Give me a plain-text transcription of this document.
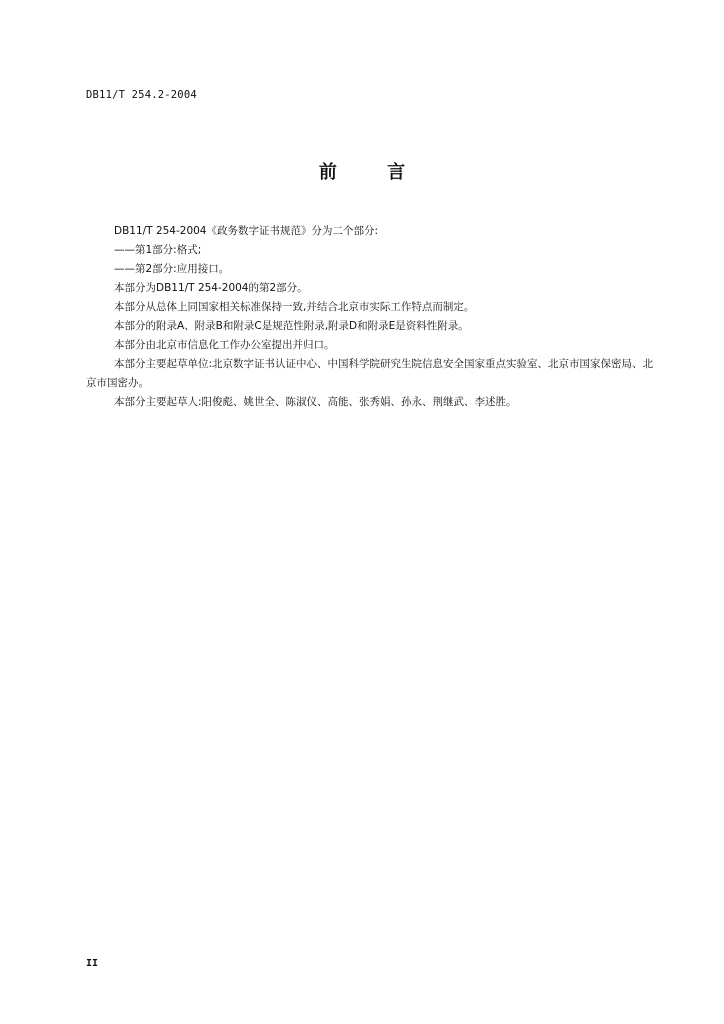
DB11/T 254.2-2004
前 言

DB11/T 254-2004《政务数字证书规范》分为二个部分:

——第1部分:格式;

——第2部分:应用接口。

本部分为DB11/T 254-2004的第2部分。

本部分从总体上同国家相关标准保持一致,并结合北京市实际工作特点而制定。

本部分的附录A、附录B和附录C是规范性附录,附录D和附录E是资料性附录。

本部分由北京市信息化工作办公室提出并归口。

本部分主要起草单位:北京数字证书认证中心、中国科学院研究生院信息安全国家重点实验室、北京市国家保密局、北京市国密办。

本部分主要起草人:阳俊彪、姚世全、陈淑仪、高能、张秀娟、孙永、荆继武、李述胜。

II
